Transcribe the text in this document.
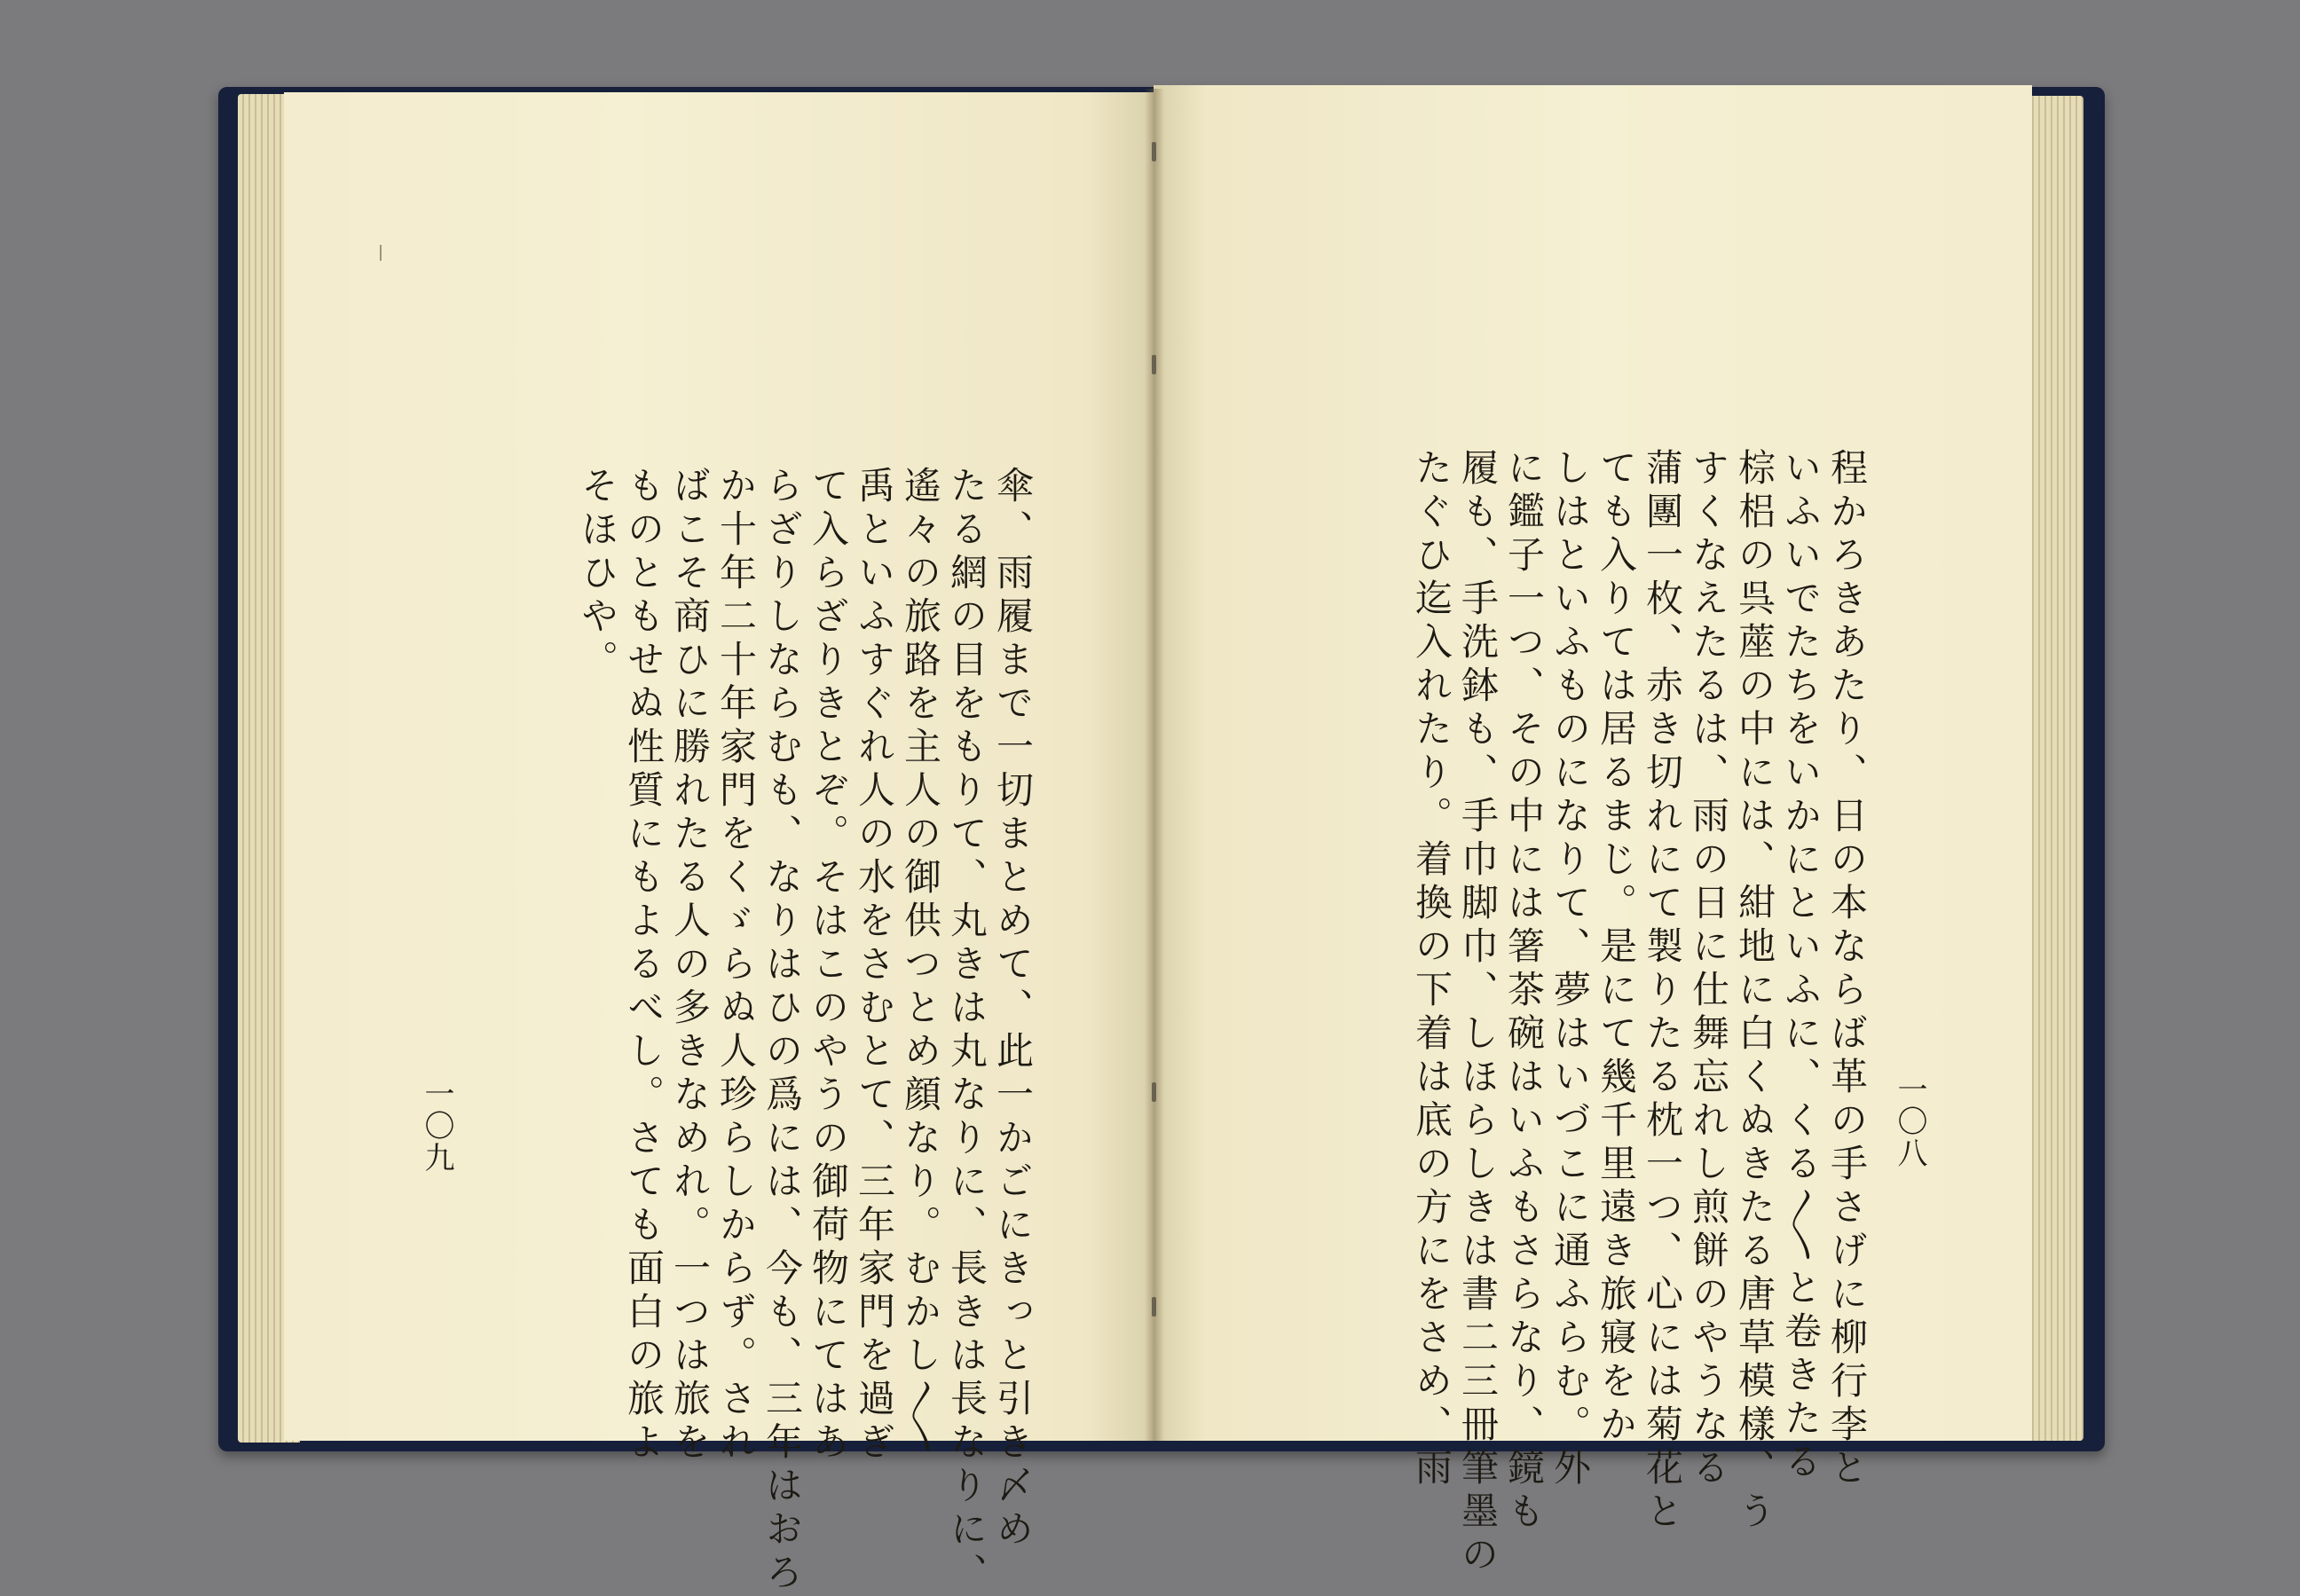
傘、雨履まで一切まとめて、此一かごにきっと引き〆め
たる網の目をもりて、丸きは丸なりに、長きは長なりに、
遙々の旅路を主人の御供つとめ顔なり。むかし〳〵
禹といふすぐれ人の水をさむとて、三年家門を過ぎ
て入らざりきとぞ。そはこのやうの御荷物にてはあ
らざりしならむも、なりはひの爲には、今も、三年はおろ
か十年二十年家門をくゞらぬ人珍らしからず。され
ばこそ商ひに勝れたる人の多きなめれ。一つは旅を
ものともせぬ性質にもよるべし。さても面白の旅よ
そほひや。
一〇九	程かろきあたり、日の本ならば革の手さげに柳行李と
いふいでたちをいかにといふに、くる〳〵と卷きたる
棕梠の呉蓙の中には、紺地に白くぬきたる唐草模樣、う
すくなえたるは、雨の日に仕舞忘れし煎餅のやうなる
蒲團一枚、赤き切れにて製りたる枕一つ、心には菊花と
ても入りては居るまじ。是にて幾千里遠き旅寢をか
しはといふものになりて、夢はいづこに通ふらむ。外
に鑑子一つ、その中には箸茶碗はいふもさらなり、鏡も
履も、手洗鉢も、手巾脚巾、しほらしきは書二三冊筆墨の
たぐひ迄入れたり。着換の下着は底の方にをさめ、雨	一〇八
